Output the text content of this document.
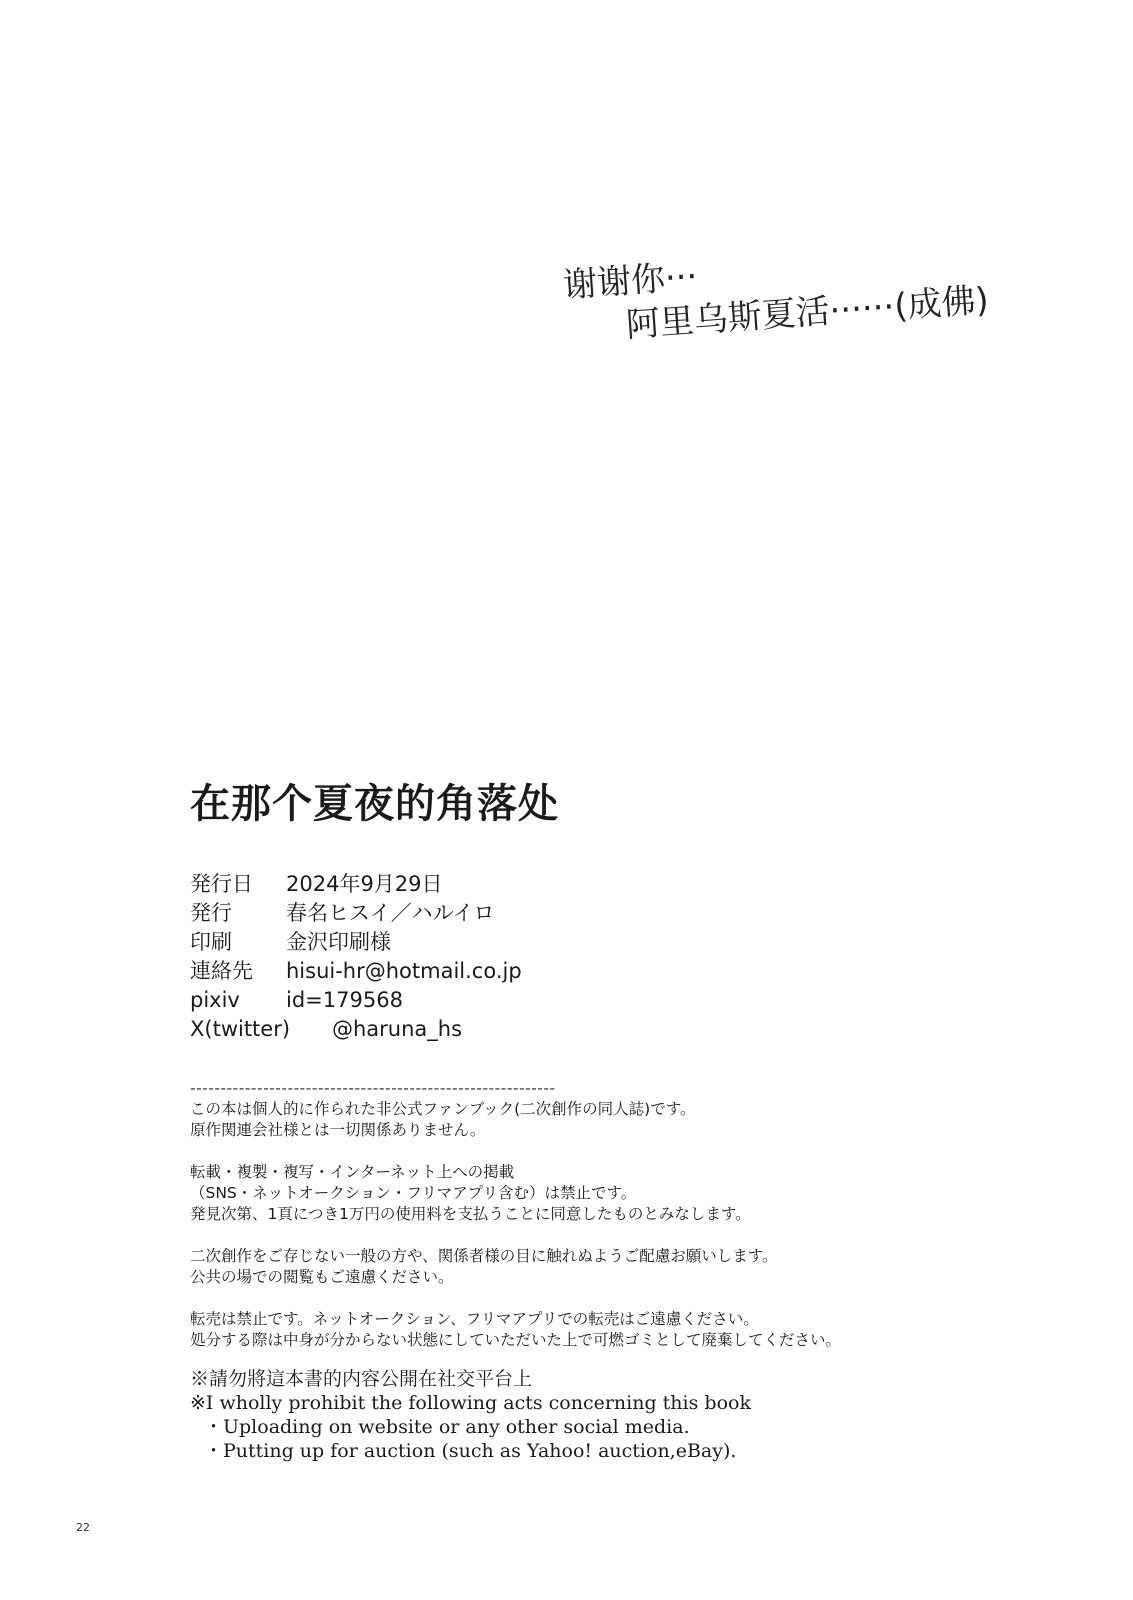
谢谢你···
阿里乌斯夏活······(成佛)
在那个夏夜的角落处
発行日	2024年9月29日
発行	春名ヒスイ／ハルイロ
印刷	金沢印刷様
連絡先	hisui-hr@hotmail.co.jp
pixiv	id=179568
X(twitter)	@haruna_hs
------------------------------------------------------------
この本は個人的に作られた非公式ファンブック(二次創作の同人誌)です。
原作関連会社様とは一切関係ありません。
転載・複製・複写・インターネット上への掲載
（SNS・ネットオークション・フリマアプリ含む）は禁止です。
発見次第、1頁につき1万円の使用料を支払うことに同意したものとみなします。
二次創作をご存じない一般の方や、関係者様の目に触れぬようご配慮お願いします。
公共の場での閲覧もご遠慮ください。
転売は禁止です。ネットオークション、フリマアプリでの転売はご遠慮ください。
処分する際は中身が分からない状態にしていただいた上で可燃ゴミとして廃棄してください。
※請勿將這本書的内容公開在社交平台上
※I wholly prohibit the following acts concerning this book
・Uploading on website or any other social media.
・Putting up for auction (such as Yahoo! auction,eBay).
22
